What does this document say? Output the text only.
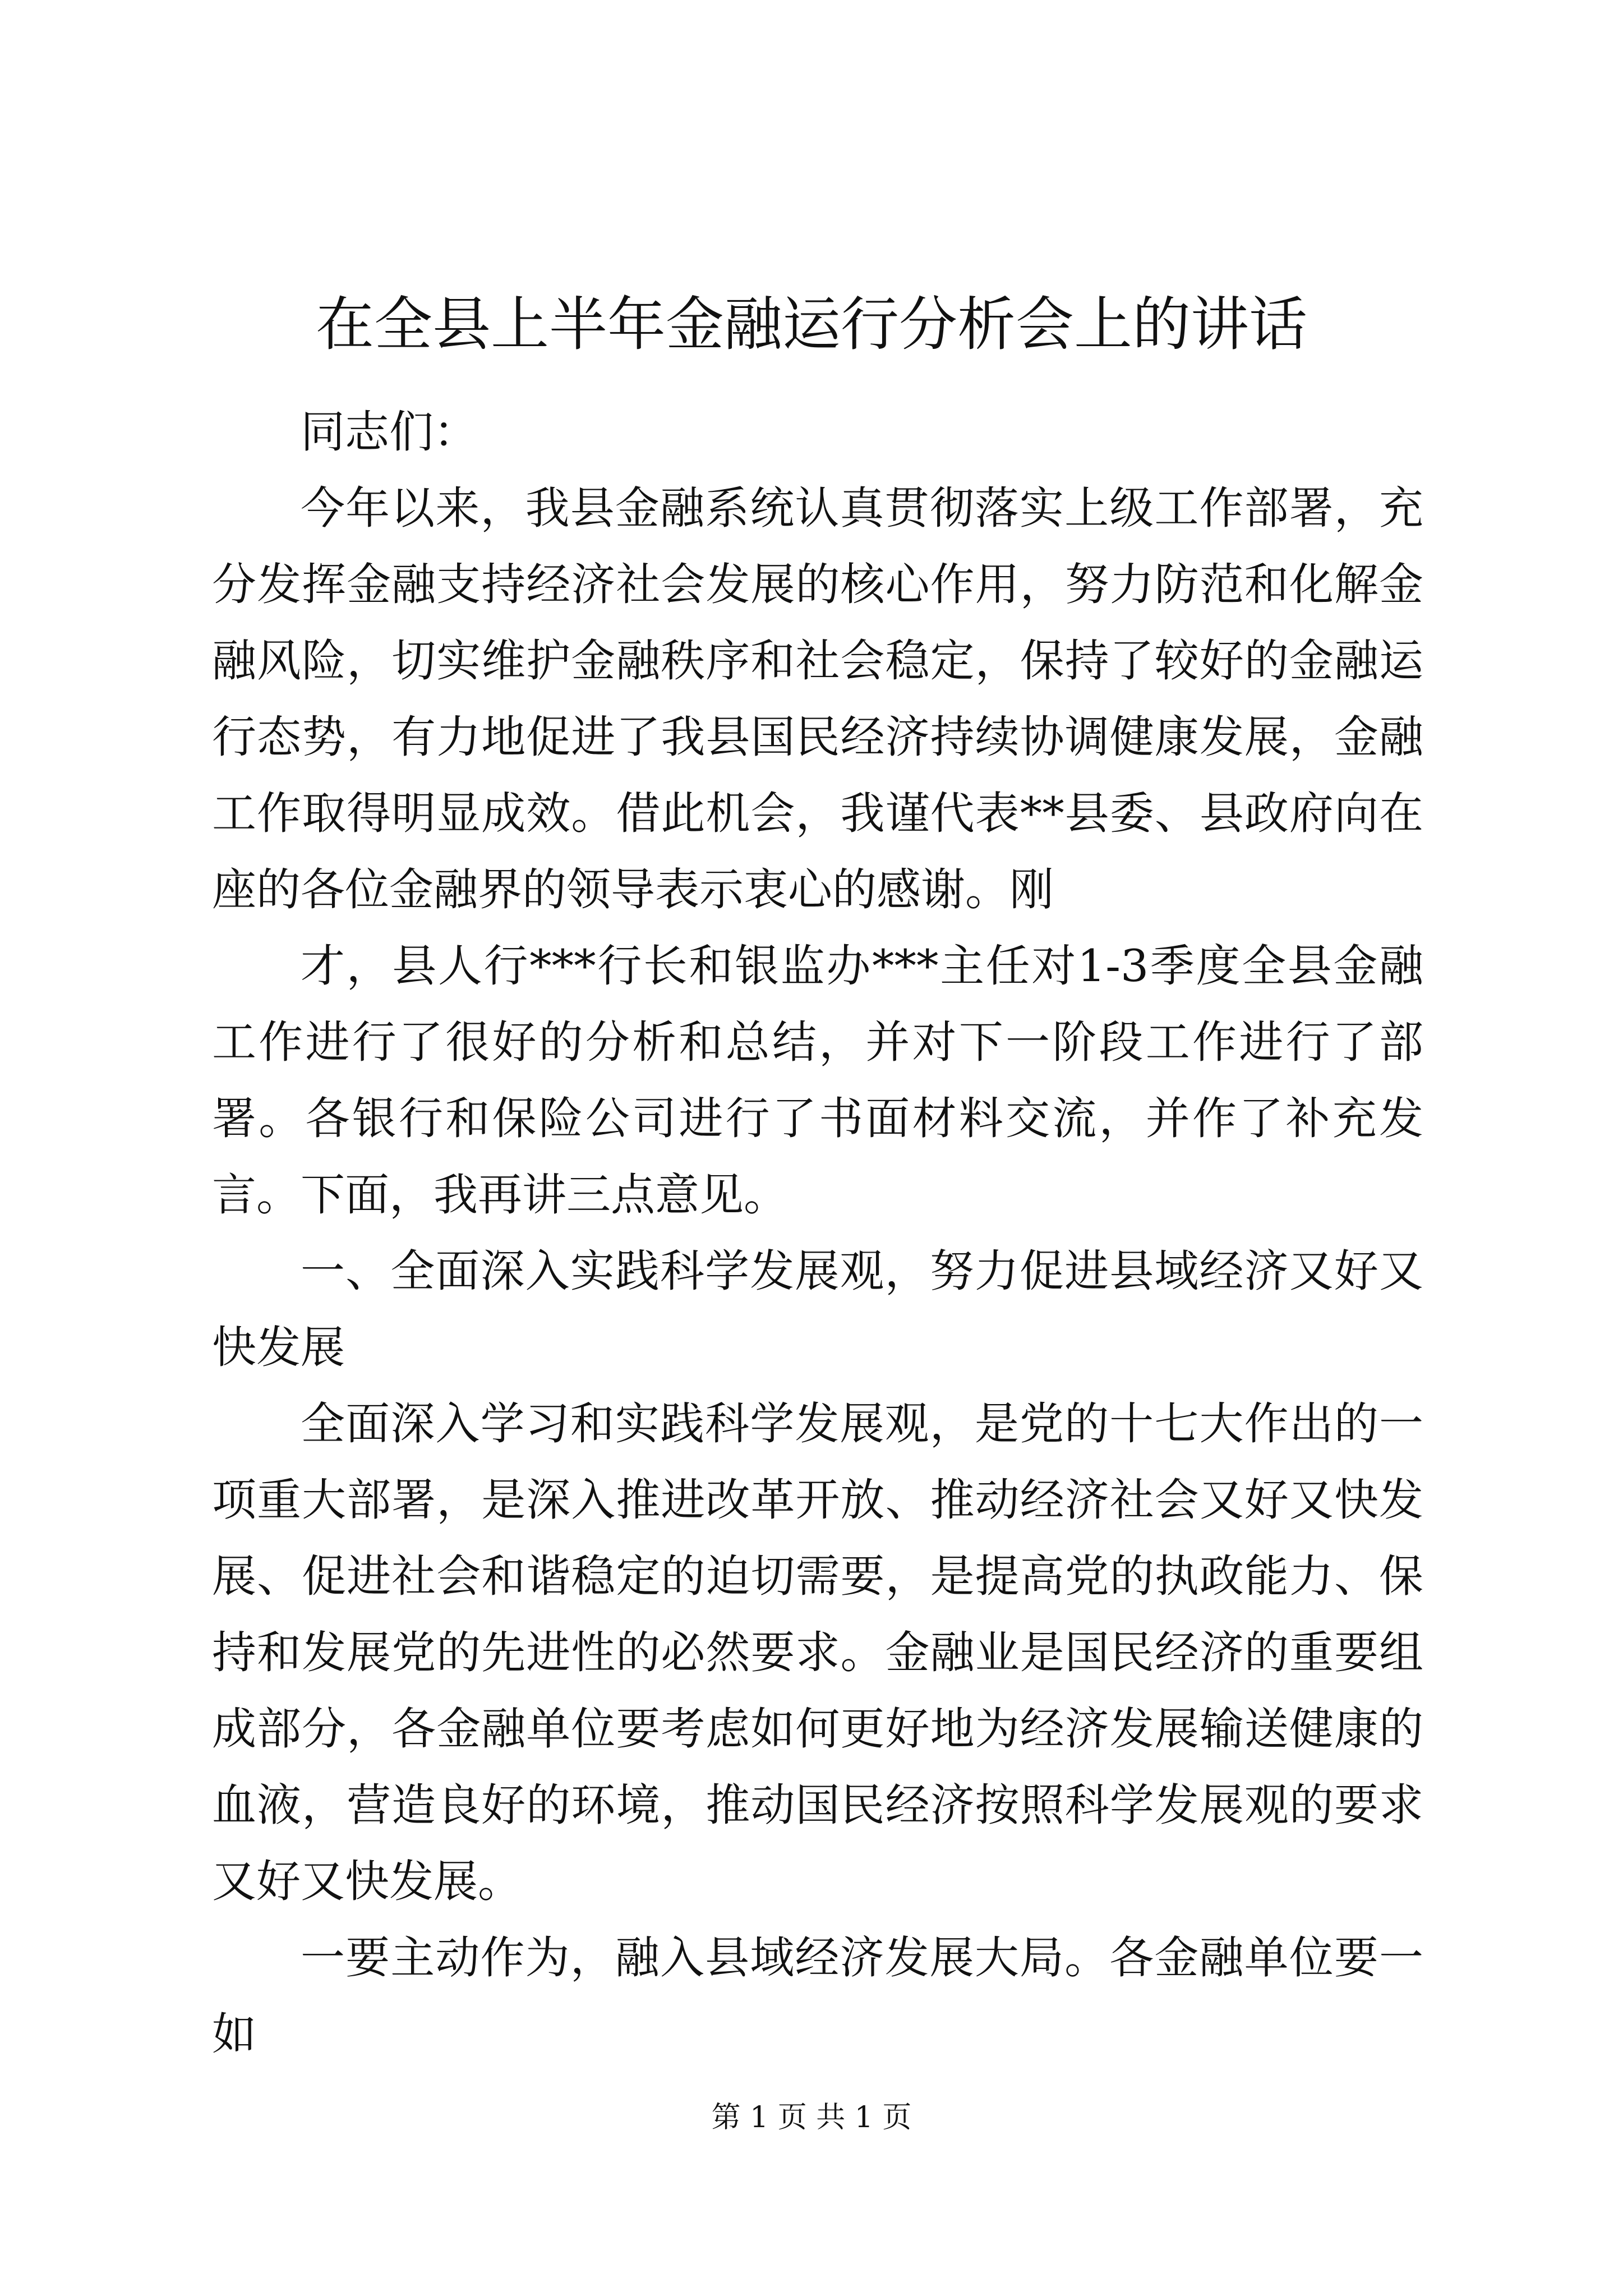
在全县上半年金融运行分析会上的讲话

同志们：

今年以来，我县金融系统认真贯彻落实上级工作部署，充分发挥金融支持经济社会发展的核心作用，努力防范和化解金融风险，切实维护金融秩序和社会稳定，保持了较好的金融运行态势，有力地促进了我县国民经济持续协调健康发展，金融工作取得明显成效。借此机会，我谨代表**县委、县政府向在座的各位金融界的领导表示衷心的感谢。刚

才，县人行***行长和银监办***主任对1-3季度全县金融工作进行了很好的分析和总结，并对下一阶段工作进行了部署。各银行和保险公司进行了书面材料交流，并作了补充发言。下面，我再讲三点意见。

一、全面深入实践科学发展观，努力促进县域经济又好又快发展

全面深入学习和实践科学发展观，是党的十七大作出的一项重大部署，是深入推进改革开放、推动经济社会又好又快发展、促进社会和谐稳定的迫切需要，是提高党的执政能力、保持和发展党的先进性的必然要求。金融业是国民经济的重要组成部分，各金融单位要考虑如何更好地为经济发展输送健康的血液，营造良好的环境，推动国民经济按照科学发展观的要求又好又快发展。

一要主动作为，融入县域经济发展大局。各金融单位要一如

第 1 页 共 1 页
